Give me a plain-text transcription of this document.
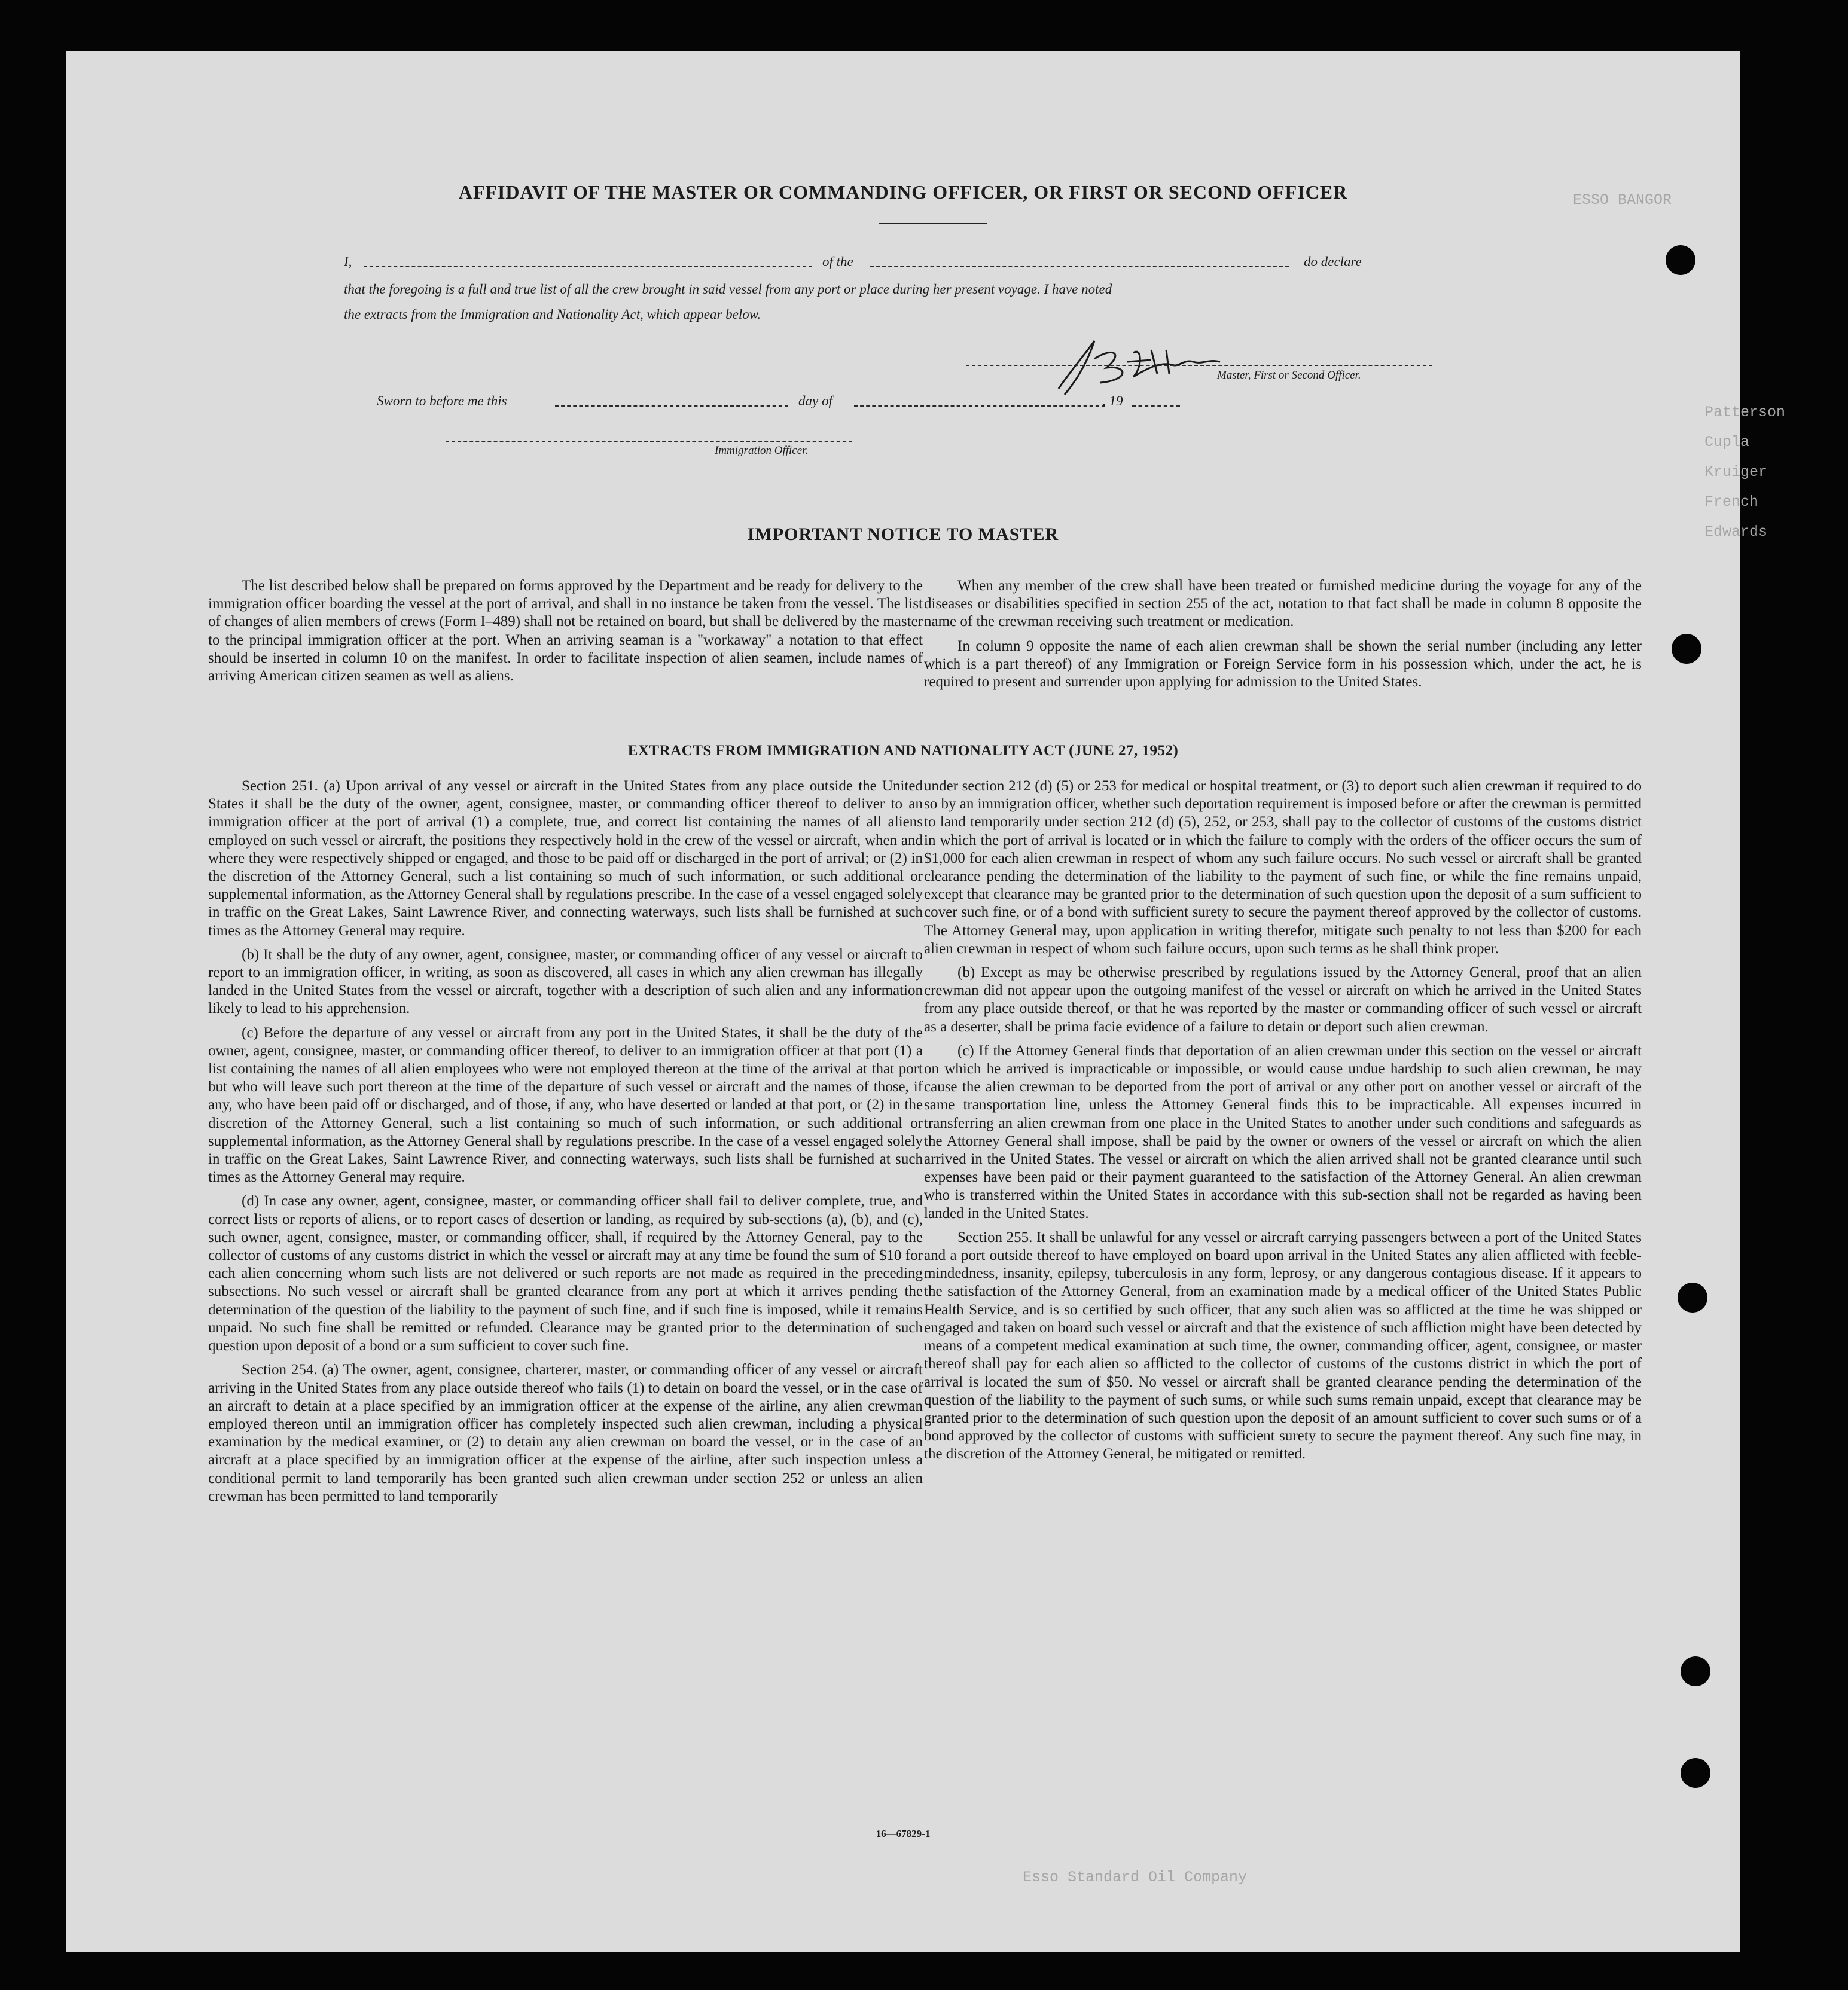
ESSO BANGOR
Patterson
Cupla
Kruiger
French
Edwards
Esso Standard Oil Company
AFFIDAVIT OF THE MASTER OR COMMANDING OFFICER, OR FIRST OR SECOND OFFICER
I,	of the	do declare
that the foregoing is a full and true list of all the crew brought in said vessel from any port or place during her present voyage. I have noted
the extracts from the Immigration and Nationality Act, which appear below.
Master, First or Second Officer.
Sworn to before me this	day of	, 19
Immigration Officer.
IMPORTANT NOTICE TO MASTER

The list described below shall be prepared on forms approved by the Department and be ready for delivery to the immigration officer boarding the vessel at the port of arrival, and shall in no instance be taken from the vessel. The list of changes of alien members of crews (Form I–489) shall not be retained on board, but shall be delivered by the master to the principal immigration officer at the port. When an arriving seaman is a "workaway" a notation to that effect should be inserted in column 10 on the manifest. In order to facilitate inspection of alien seamen, include names of arriving American citizen seamen as well as aliens.

When any member of the crew shall have been treated or furnished medicine during the voyage for any of the diseases or disabilities specified in section 255 of the act, notation to that fact shall be made in column 8 opposite the name of the crewman receiving such treatment or medication.

In column 9 opposite the name of each alien crewman shall be shown the serial number (including any letter which is a part thereof) of any Immigration or Foreign Service form in his possession which, under the act, he is required to present and surrender upon applying for admission to the United States.

EXTRACTS FROM IMMIGRATION AND NATIONALITY ACT (JUNE 27, 1952)

Section 251. (a) Upon arrival of any vessel or aircraft in the United States from any place outside the United States it shall be the duty of the owner, agent, consignee, master, or commanding officer thereof to deliver to an immigration officer at the port of arrival (1) a complete, true, and correct list containing the names of all aliens employed on such vessel or aircraft, the positions they respectively hold in the crew of the vessel or aircraft, when and where they were respectively shipped or engaged, and those to be paid off or discharged in the port of arrival; or (2) in the discretion of the Attorney General, such a list containing so much of such information, or such additional or supplemental information, as the Attorney General shall by regulations prescribe. In the case of a vessel engaged solely in traffic on the Great Lakes, Saint Lawrence River, and connecting waterways, such lists shall be furnished at such times as the Attorney General may require.

(b) It shall be the duty of any owner, agent, consignee, master, or commanding officer of any vessel or aircraft to report to an immigration officer, in writing, as soon as discovered, all cases in which any alien crewman has illegally landed in the United States from the vessel or aircraft, together with a description of such alien and any information likely to lead to his apprehension.

(c) Before the departure of any vessel or aircraft from any port in the United States, it shall be the duty of the owner, agent, consignee, master, or commanding officer thereof, to deliver to an immigration officer at that port (1) a list containing the names of all alien employees who were not employed thereon at the time of the arrival at that port but who will leave such port thereon at the time of the departure of such vessel or aircraft and the names of those, if any, who have been paid off or discharged, and of those, if any, who have deserted or landed at that port, or (2) in the discretion of the Attorney General, such a list containing so much of such information, or such additional or supplemental information, as the Attorney General shall by regulations prescribe. In the case of a vessel engaged solely in traffic on the Great Lakes, Saint Lawrence River, and connecting waterways, such lists shall be furnished at such times as the Attorney General may require.

(d) In case any owner, agent, consignee, master, or commanding officer shall fail to deliver complete, true, and correct lists or reports of aliens, or to report cases of desertion or landing, as required by sub-sections (a), (b), and (c), such owner, agent, consignee, master, or commanding officer, shall, if required by the Attorney General, pay to the collector of customs of any customs district in which the vessel or aircraft may at any time be found the sum of $10 for each alien concerning whom such lists are not delivered or such reports are not made as required in the preceding subsections. No such vessel or aircraft shall be granted clearance from any port at which it arrives pending the determination of the question of the liability to the payment of such fine, and if such fine is imposed, while it remains unpaid. No such fine shall be remitted or refunded. Clearance may be granted prior to the determination of such question upon deposit of a bond or a sum sufficient to cover such fine.

Section 254. (a) The owner, agent, consignee, charterer, master, or commanding officer of any vessel or aircraft arriving in the United States from any place outside thereof who fails (1) to detain on board the vessel, or in the case of an aircraft to detain at a place specified by an immigration officer at the expense of the airline, any alien crewman employed thereon until an immigration officer has completely inspected such alien crewman, including a physical examination by the medical examiner, or (2) to detain any alien crewman on board the vessel, or in the case of an aircraft at a place specified by an immigration officer at the expense of the airline, after such inspection unless a conditional permit to land temporarily has been granted such alien crewman under section 252 or unless an alien crewman has been permitted to land temporarily

under section 212 (d) (5) or 253 for medical or hospital treatment, or (3) to deport such alien crewman if required to do so by an immigration officer, whether such deportation requirement is imposed before or after the crewman is permitted to land temporarily under section 212 (d) (5), 252, or 253, shall pay to the collector of customs of the customs district in which the port of arrival is located or in which the failure to comply with the orders of the officer occurs the sum of $1,000 for each alien crewman in respect of whom any such failure occurs. No such vessel or aircraft shall be granted clearance pending the determination of the liability to the payment of such fine, or while the fine remains unpaid, except that clearance may be granted prior to the determination of such question upon the deposit of a sum sufficient to cover such fine, or of a bond with sufficient surety to secure the payment thereof approved by the collector of customs. The Attorney General may, upon application in writing therefor, mitigate such penalty to not less than $200 for each alien crewman in respect of whom such failure occurs, upon such terms as he shall think proper.

(b) Except as may be otherwise prescribed by regulations issued by the Attorney General, proof that an alien crewman did not appear upon the outgoing manifest of the vessel or aircraft on which he arrived in the United States from any place outside thereof, or that he was reported by the master or commanding officer of such vessel or aircraft as a deserter, shall be prima facie evidence of a failure to detain or deport such alien crewman.

(c) If the Attorney General finds that deportation of an alien crewman under this section on the vessel or aircraft on which he arrived is impracticable or impossible, or would cause undue hardship to such alien crewman, he may cause the alien crewman to be deported from the port of arrival or any other port on another vessel or aircraft of the same transportation line, unless the Attorney General finds this to be impracticable. All expenses incurred in transferring an alien crewman from one place in the United States to another under such conditions and safeguards as the Attorney General shall impose, shall be paid by the owner or owners of the vessel or aircraft on which the alien arrived in the United States. The vessel or aircraft on which the alien arrived shall not be granted clearance until such expenses have been paid or their payment guaranteed to the satisfaction of the Attorney General. An alien crewman who is transferred within the United States in accordance with this sub-section shall not be regarded as having been landed in the United States.

Section 255. It shall be unlawful for any vessel or aircraft carrying passengers between a port of the United States and a port outside thereof to have employed on board upon arrival in the United States any alien afflicted with feeble-mindedness, insanity, epilepsy, tuberculosis in any form, leprosy, or any dangerous contagious disease. If it appears to the satisfaction of the Attorney General, from an examination made by a medical officer of the United States Public Health Service, and is so certified by such officer, that any such alien was so afflicted at the time he was shipped or engaged and taken on board such vessel or aircraft and that the existence of such affliction might have been detected by means of a competent medical examination at such time, the owner, commanding officer, agent, consignee, or master thereof shall pay for each alien so afflicted to the collector of customs of the customs district in which the port of arrival is located the sum of $50. No vessel or aircraft shall be granted clearance pending the determination of the question of the liability to the payment of such sums, or while such sums remain unpaid, except that clearance may be granted prior to the determination of such question upon the deposit of an amount sufficient to cover such sums or of a bond approved by the collector of customs with sufficient surety to secure the payment thereof. Any such fine may, in the discretion of the Attorney General, be mitigated or remitted.

16—67829-1
